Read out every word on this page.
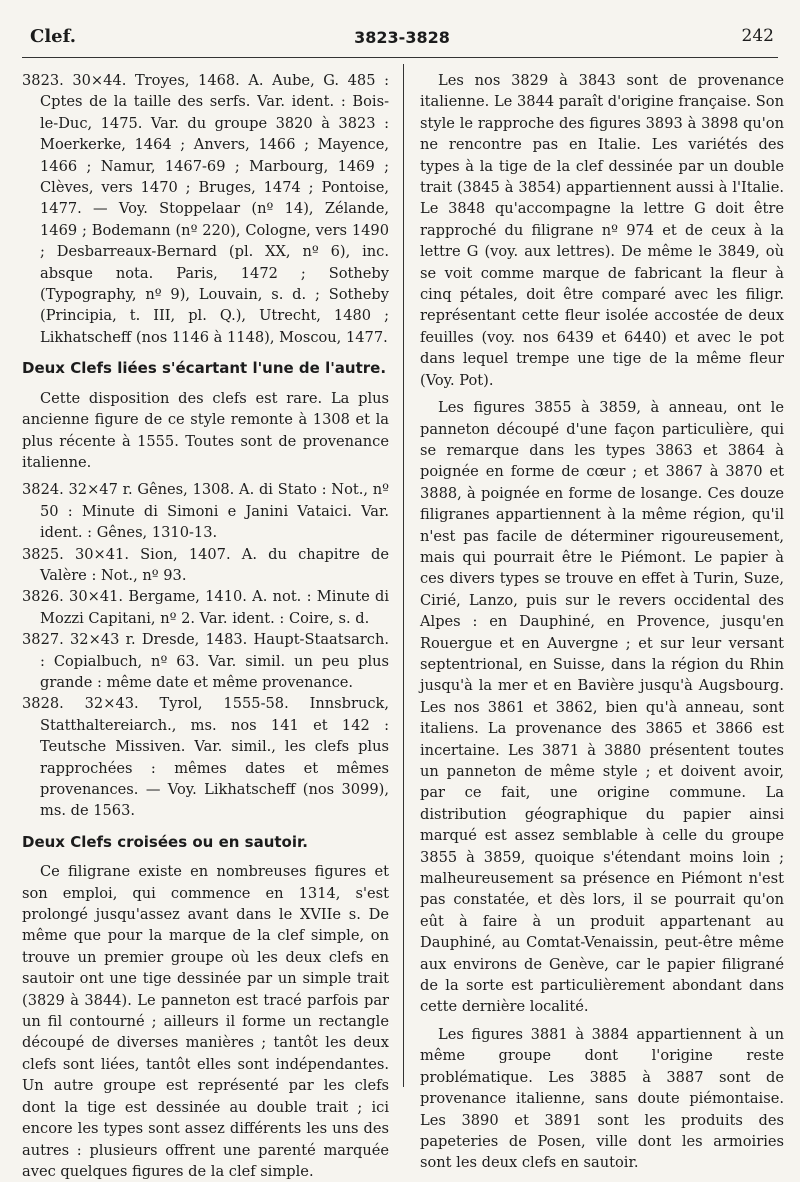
Clef.	3823-3828	242

3823. 30×44. Troyes, 1468. A. Aube, G. 485 : Cptes de la taille des serfs. Var. ident. : Bois-le-Duc, 1475. Var. du groupe 3820 à 3823 : Moerkerke, 1464 ; Anvers, 1466 ; Mayence, 1466 ; Namur, 1467-69 ; Marbourg, 1469 ; Clèves, vers 1470 ; Bruges, 1474 ; Pontoise, 1477. — Voy. Stoppelaar (nº 14), Zélande, 1469 ; Bodemann (nº 220), Cologne, vers 1490 ; Desbarreaux-Bernard (pl. XX, nº 6), inc. absque nota. Paris, 1472 ; Sotheby (Typography, nº 9), Louvain, s. d. ; Sotheby (Principia, t. III, pl. Q.), Utrecht, 1480 ; Likhatscheff (nos 1146 à 1148), Moscou, 1477.

Deux Clefs liées s'écartant l'une de l'autre.

Cette disposition des clefs est rare. La plus ancienne figure de ce style remonte à 1308 et la plus récente à 1555. Toutes sont de provenance italienne.

3824. 32×47 r. Gênes, 1308. A. di Stato : Not., nº 50 : Minute di Simoni e Janini Vataici. Var. ident. : Gênes, 1310-13.

3825. 30×41. Sion, 1407. A. du chapitre de Valère : Not., nº 93.

3826. 30×41. Bergame, 1410. A. not. : Minute di Mozzi Capitani, nº 2. Var. ident. : Coire, s. d.

3827. 32×43 r. Dresde, 1483. Haupt-Staatsarch. : Copialbuch, nº 63. Var. simil. un peu plus grande : même date et même provenance.

3828. 32×43. Tyrol, 1555-58. Innsbruck, Statthaltereiarch., ms. nos 141 et 142 : Teutsche Missiven. Var. simil., les clefs plus rapprochées : mêmes dates et mêmes provenances. — Voy. Likhatscheff (nos 3099), ms. de 1563.

Deux Clefs croisées ou en sautoir.

Ce filigrane existe en nombreuses figures et son emploi, qui commence en 1314, s'est prolongé jusqu'assez avant dans le XVIIe s. De même que pour la marque de la clef simple, on trouve un premier groupe où les deux clefs en sautoir ont une tige dessinée par un simple trait (3829 à 3844). Le panneton est tracé parfois par un fil contourné ; ailleurs il forme un rectangle découpé de diverses manières ; tantôt les deux clefs sont liées, tantôt elles sont indépendantes. Un autre groupe est représenté par les clefs dont la tige est dessinée au double trait ; ici encore les types sont assez différents les uns des autres : plusieurs offrent une parenté marquée avec quelques figures de la clef simple.

Les nos 3829 à 3843 sont de provenance italienne. Le 3844 paraît d'origine française. Son style le rapproche des figures 3893 à 3898 qu'on ne rencontre pas en Italie. Les variétés des types à la tige de la clef dessinée par un double trait (3845 à 3854) appartiennent aussi à l'Italie. Le 3848 qu'accompagne la lettre G doit être rapproché du filigrane nº 974 et de ceux à la lettre G (voy. aux lettres). De même le 3849, où se voit comme marque de fabricant la fleur à cinq pétales, doit être comparé avec les filigr. représentant cette fleur isolée accostée de deux feuilles (voy. nos 6439 et 6440) et avec le pot dans lequel trempe une tige de la même fleur (Voy. Pot).

Les figures 3855 à 3859, à anneau, ont le panneton découpé d'une façon particulière, qui se remarque dans les types 3863 et 3864 à poignée en forme de cœur ; et 3867 à 3870 et 3888, à poignée en forme de losange. Ces douze filigranes appartiennent à la même région, qu'il n'est pas facile de déterminer rigoureusement, mais qui pourrait être le Piémont. Le papier à ces divers types se trouve en effet à Turin, Suze, Cirié, Lanzo, puis sur le revers occidental des Alpes : en Dauphiné, en Provence, jusqu'en Rouergue et en Auvergne ; et sur leur versant septentrional, en Suisse, dans la région du Rhin jusqu'à la mer et en Bavière jusqu'à Augsbourg. Les nos 3861 et 3862, bien qu'à anneau, sont italiens. La provenance des 3865 et 3866 est incertaine. Les 3871 à 3880 présentent toutes un panneton de même style ; et doivent avoir, par ce fait, une origine commune. La distribution géographique du papier ainsi marqué est assez semblable à celle du groupe 3855 à 3859, quoique s'étendant moins loin ; malheureusement sa présence en Piémont n'est pas constatée, et dès lors, il se pourrait qu'on eût à faire à un produit appartenant au Dauphiné, au Comtat-Venaissin, peut-être même aux environs de Genève, car le papier filigrané de la sorte est particulièrement abondant dans cette dernière localité.

Les figures 3881 à 3884 appartiennent à un même groupe dont l'origine reste problématique. Les 3885 à 3887 sont de provenance italienne, sans doute piémontaise. Les 3890 et 3891 sont les produits des papeteries de Posen, ville dont les armoiries sont les deux clefs en sautoir.
